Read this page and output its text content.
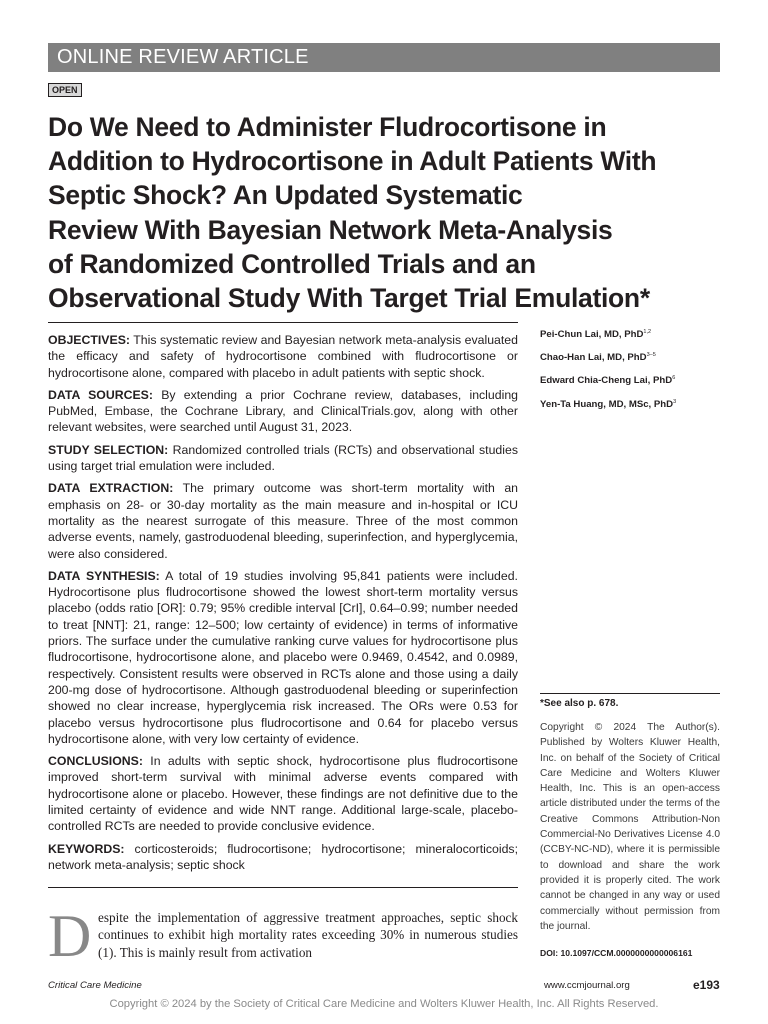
ONLINE REVIEW ARTICLE
OPEN
Do We Need to Administer Fludrocortisone in
Addition to Hydrocortisone in Adult Patients With
Septic Shock? An Updated Systematic
Review With Bayesian Network Meta-Analysis
of Randomized Controlled Trials and an
Observational Study With Target Trial Emulation*

OBJECTIVES: This systematic review and Bayesian network meta-analysis evaluated the efficacy and safety of hydrocortisone combined with fludrocortisone or hydrocortisone alone, compared with placebo in adult patients with septic shock.

DATA SOURCES: By extending a prior Cochrane review, databases, including PubMed, Embase, the Cochrane Library, and ClinicalTrials.gov, along with other relevant websites, were searched until August 31, 2023.

STUDY SELECTION: Randomized controlled trials (RCTs) and observational studies using target trial emulation were included.

DATA EXTRACTION: The primary outcome was short-term mortality with an emphasis on 28- or 30-day mortality as the main measure and in-hospital or ICU mortality as the nearest surrogate of this measure. Three of the most common adverse events, namely, gastroduodenal bleeding, superinfection, and hyperglycemia, were also considered.

DATA SYNTHESIS: A total of 19 studies involving 95,841 patients were included. Hydrocortisone plus fludrocortisone showed the lowest short-term mortality versus placebo (odds ratio [OR]: 0.79; 95% credible interval [CrI], 0.64–0.99; number needed to treat [NNT]: 21, range: 12–500; low certainty of evidence) in terms of informative priors. The surface under the cumulative ranking curve values for hydrocortisone plus fludrocortisone, hydrocortisone alone, and placebo were 0.9469, 0.4542, and 0.0989, respectively. Consistent results were observed in RCTs alone and those using a daily 200-mg dose of hydrocortisone. Although gastroduodenal bleeding or superinfection showed no clear increase, hyperglycemia risk increased. The ORs were 0.53 for placebo versus hydrocortisone plus fludrocortisone and 0.64 for placebo versus hydrocortisone alone, with very low certainty of evidence.

CONCLUSIONS: In adults with septic shock, hydrocortisone plus fludrocortisone improved short-term survival with minimal adverse events compared with hydrocortisone alone or placebo. However, these findings are not definitive due to the limited certainty of evidence and wide NNT range. Additional large-scale, placebo-controlled RCTs are needed to provide conclusive evidence.

KEYWORDS: corticosteroids; fludrocortisone; hydrocortisone; mineralocorticoids; network meta-analysis; septic shock

Pei-Chun Lai, MD, PhD$^{1,2}$
Chao-Han Lai, MD, PhD$^{3-5}$
Edward Chia-Cheng Lai, PhD$^6$
Yen-Ta Huang, MD, MSc, PhD$^3$
*See also p. 678.
Copyright © 2024 The Author(s). Published by Wolters Kluwer Health, Inc. on behalf of the Society of Critical Care Medicine and Wolters Kluwer Health, Inc. This is an open-access article distributed under the terms of the Creative Commons Attribution-Non Commercial-No Derivatives License 4.0 (CCBY-NC-ND), where it is permissible to download and share the work provided it is properly cited. The work cannot be changed in any way or used commercially without permission from the journal.
DOI: 10.1097/CCM.0000000000006161
D espite the implementation of aggressive treatment approaches, septic shock continues to exhibit high mortality rates exceeding 30% in numerous studies (1). This is mainly result from activation
Critical Care Medicine	www.ccmjournal.org	e193
Copyright © 2024 by the Society of Critical Care Medicine and Wolters Kluwer Health, Inc. All Rights Reserved.
